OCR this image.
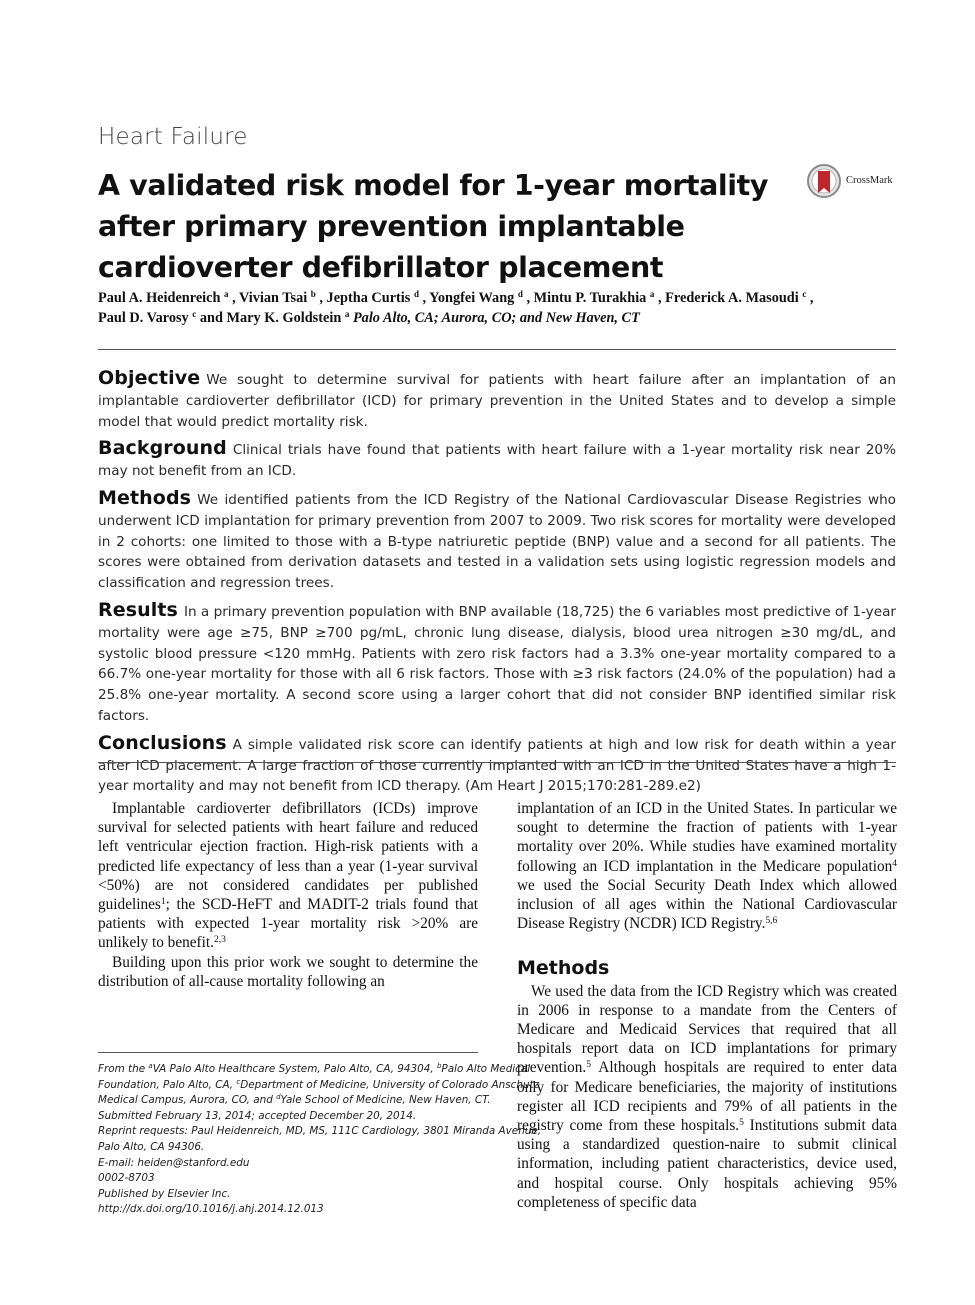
Heart Failure
A validated risk model for 1-year mortality after primary prevention implantable cardioverter defibrillator placement
CrossMark
Paul A. Heidenreich $^a$ , Vivian Tsai $^b$ , Jeptha Curtis $^d$ , Yongfei Wang $^d$ , Mintu P. Turakhia $^a$ , Frederick A. Masoudi $^c$ ,
Paul D. Varosy $^c$ and Mary K. Goldstein $^a$ Palo Alto, CA; Aurora, CO; and New Haven, CT

Objective We sought to determine survival for patients with heart failure after an implantation of an implantable cardioverter defibrillator (ICD) for primary prevention in the United States and to develop a simple model that would predict mortality risk.

Background Clinical trials have found that patients with heart failure with a 1-year mortality risk near 20% may not benefit from an ICD.

Methods We identified patients from the ICD Registry of the National Cardiovascular Disease Registries who underwent ICD implantation for primary prevention from 2007 to 2009. Two risk scores for mortality were developed in 2 cohorts: one limited to those with a B-type natriuretic peptide (BNP) value and a second for all patients. The scores were obtained from derivation datasets and tested in a validation sets using logistic regression models and classification and regression trees.

Results In a primary prevention population with BNP available (18,725) the 6 variables most predictive of 1-year mortality were age ≥75, BNP ≥700 pg/mL, chronic lung disease, dialysis, blood urea nitrogen ≥30 mg/dL, and systolic blood pressure <120 mmHg. Patients with zero risk factors had a 3.3% one-year mortality compared to a 66.7% one-year mortality for those with all 6 risk factors. Those with ≥3 risk factors (24.0% of the population) had a 25.8% one-year mortality. A second score using a larger cohort that did not consider BNP identified similar risk factors.

Conclusions A simple validated risk score can identify patients at high and low risk for death within a year after ICD placement. A large fraction of those currently implanted with an ICD in the United States have a high 1-year mortality and may not benefit from ICD therapy. (Am Heart J 2015;170:281-289.e2)

Implantable cardioverter defibrillators (ICDs) improve survival for selected patients with heart failure and reduced left ventricular ejection fraction. High-risk patients with a predicted life expectancy of less than a year (1-year survival <50%) are not considered candidates per published guidelines$^1$; the SCD-HeFT and MADIT-2 trials found that patients with expected 1-year mortality risk >20% are unlikely to benefit.$^{2,3}$

Building upon this prior work we sought to determine the distribution of all-cause mortality following an

implantation of an ICD in the United States. In particular we sought to determine the fraction of patients with 1-year mortality over 20%. While studies have examined mortality following an ICD implantation in the Medicare population$^4$ we used the Social Security Death Index which allowed inclusion of all ages within the National Cardiovascular Disease Registry (NCDR) ICD Registry.$^{5,6}$

Methods

We used the data from the ICD Registry which was created in 2006 in response to a mandate from the Centers of Medicare and Medicaid Services that required that all hospitals report data on ICD implantations for primary prevention.$^5$ Although hospitals are required to enter data only for Medicare beneficiaries, the majority of institutions register all ICD recipients and 79% of all patients in the registry come from these hospitals.$^5$ Institutions submit data using a standardized question-naire to submit clinical information, including patient characteristics, device used, and hospital course. Only hospitals achieving 95% completeness of specific data

From the $^a$VA Palo Alto Healthcare System, Palo Alto, CA, 94304, $^b$Palo Alto Medical
Foundation, Palo Alto, CA, $^c$Department of Medicine, University of Colorado Anschutz
Medical Campus, Aurora, CO, and $^d$Yale School of Medicine, New Haven, CT.
Submitted February 13, 2014; accepted December 20, 2014.
Reprint requests: Paul Heidenreich, MD, MS, 111C Cardiology, 3801 Miranda Avenue,
Palo Alto, CA 94306.
E-mail: heiden@stanford.edu
0002-8703
Published by Elsevier Inc.
http://dx.doi.org/10.1016/j.ahj.2014.12.013
